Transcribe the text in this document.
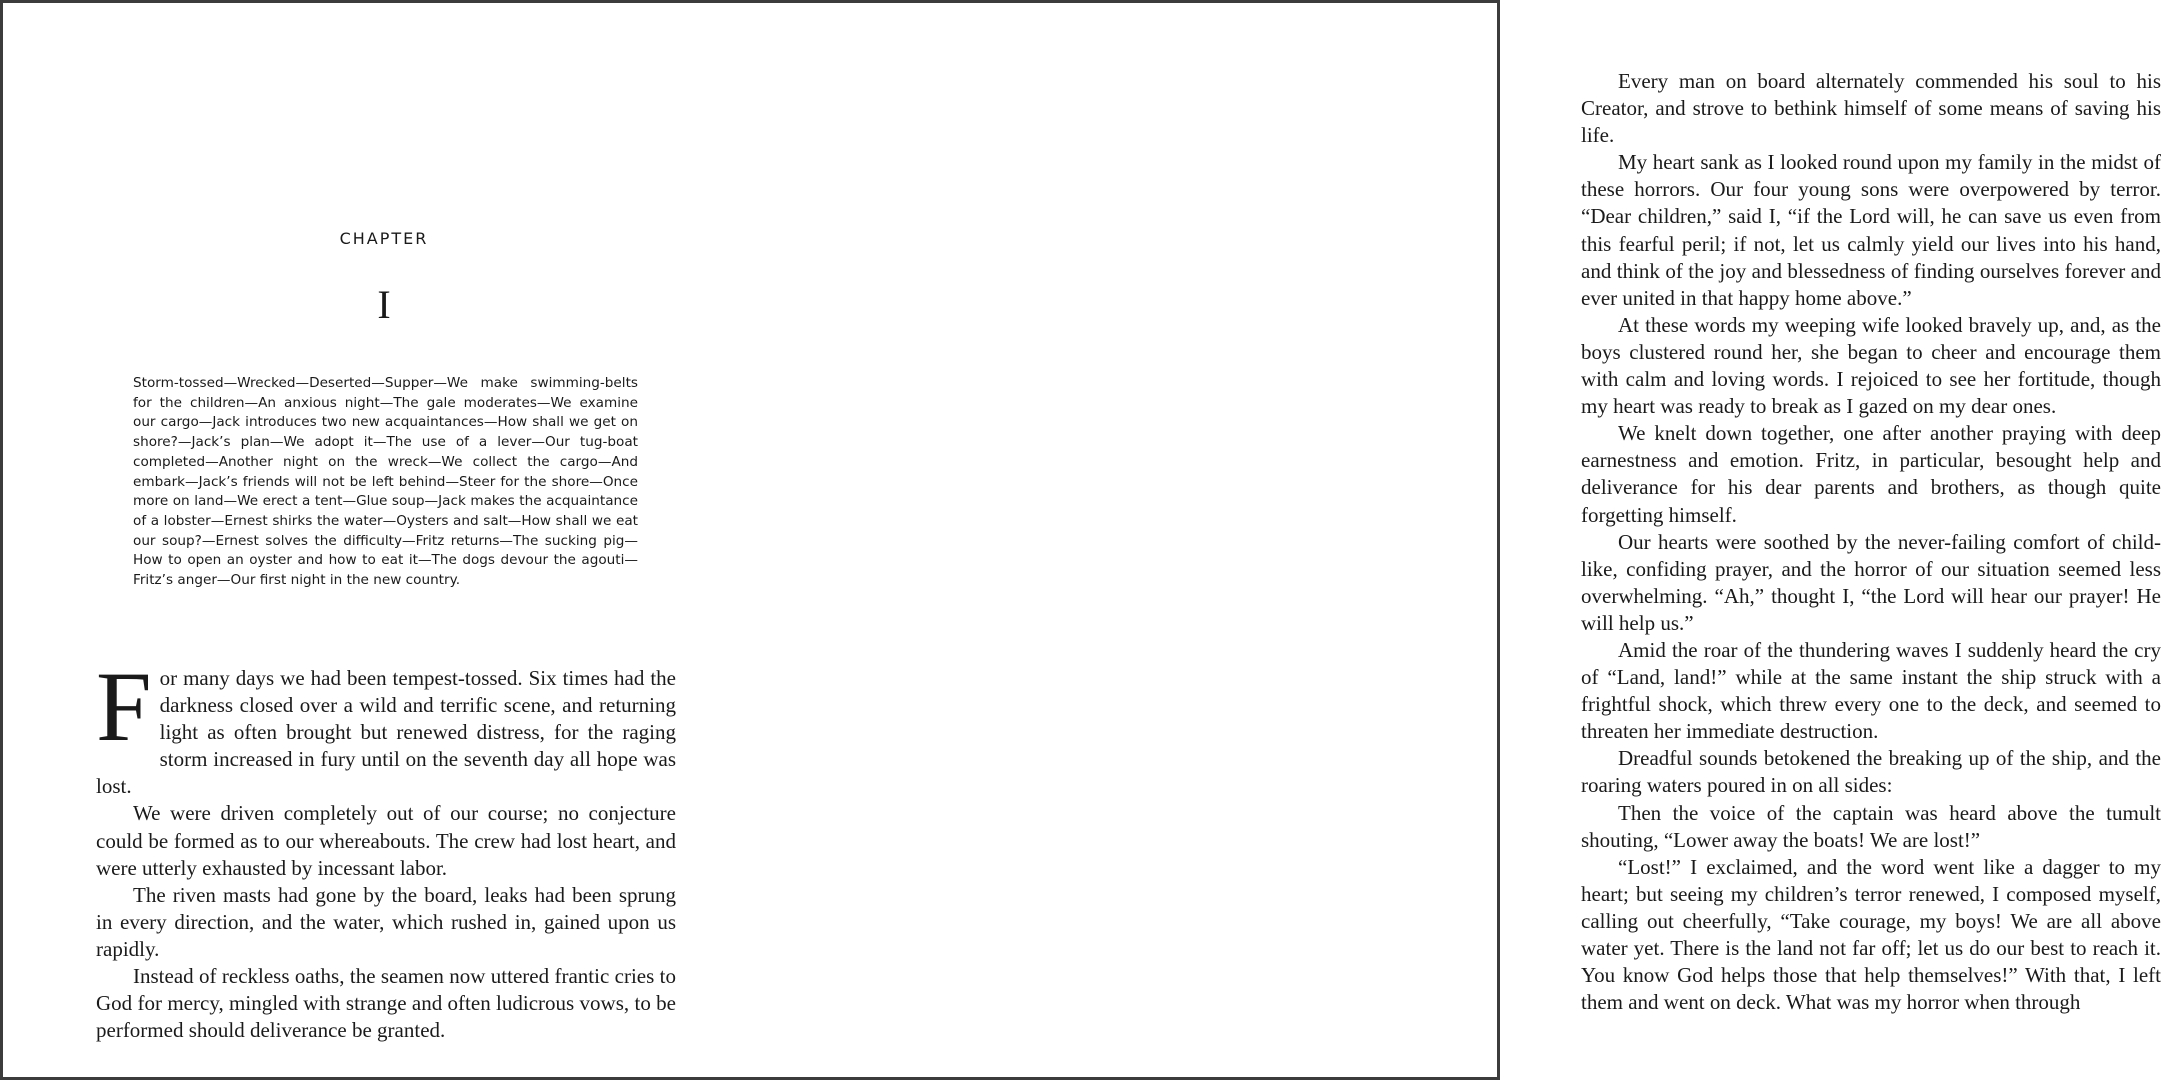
CHAPTER
I
Storm-tossed—Wrecked—Deserted—Supper—We make swimming-belts for the children—An anxious night—The gale moderates—We examine our cargo—Jack introduces two new acquaintances—How shall we get on shore?—Jack’s plan—We adopt it—The use of a lever—Our tug-boat completed—Another night on the wreck—We collect the cargo—And embark—Jack’s friends will not be left behind—Steer for the shore—Once more on land—We erect a tent—Glue soup—Jack makes the acquaintance of a lobster—Ernest shirks the water—Oysters and salt—How shall we eat our soup?—Ernest solves the difficulty—Fritz returns—The sucking pig—How to open an oyster and how to eat it—The dogs devour the agouti—Fritz’s anger—Our first night in the new country.

For many days we had been tempest-tossed. Six times had the darkness closed over a wild and terrific scene, and returning light as often brought but renewed distress, for the raging storm increased in fury until on the seventh day all hope was lost.

We were driven completely out of our course; no conjecture could be formed as to our whereabouts. The crew had lost heart, and were utterly exhausted by incessant labor.

The riven masts had gone by the board, leaks had been sprung in every direction, and the water, which rushed in, gained upon us rapidly.

Instead of reckless oaths, the seamen now uttered frantic cries to God for mercy, mingled with strange and often ludicrous vows, to be performed should deliverance be granted.

Every man on board alternately commended his soul to his Creator, and strove to bethink himself of some means of saving his life.

My heart sank as I looked round upon my family in the midst of these horrors. Our four young sons were overpowered by terror. “Dear children,” said I, “if the Lord will, he can save us even from this fearful peril; if not, let us calmly yield our lives into his hand, and think of the joy and blessedness of finding ourselves forever and ever united in that happy home above.”

At these words my weeping wife looked bravely up, and, as the boys clustered round her, she began to cheer and encourage them with calm and loving words. I rejoiced to see her fortitude, though my heart was ready to break as I gazed on my dear ones.

We knelt down together, one after another praying with deep earnestness and emotion. Fritz, in particular, besought help and deliverance for his dear parents and brothers, as though quite forgetting himself.

Our hearts were soothed by the never-failing comfort of child-like, confiding prayer, and the horror of our situation seemed less overwhelming. “Ah,” thought I, “the Lord will hear our prayer! He will help us.”

Amid the roar of the thundering waves I suddenly heard the cry of “Land, land!” while at the same instant the ship struck with a frightful shock, which threw every one to the deck, and seemed to threaten her immediate destruction.

Dreadful sounds betokened the breaking up of the ship, and the roaring waters poured in on all sides:

Then the voice of the captain was heard above the tumult shouting, “Lower away the boats! We are lost!”

“Lost!” I exclaimed, and the word went like a dagger to my heart; but seeing my children’s terror renewed, I composed myself, calling out cheerfully, “Take courage, my boys! We are all above water yet. There is the land not far off; let us do our best to reach it. You know God helps those that help themselves!” With that, I left them and went on deck. What was my horror when through
